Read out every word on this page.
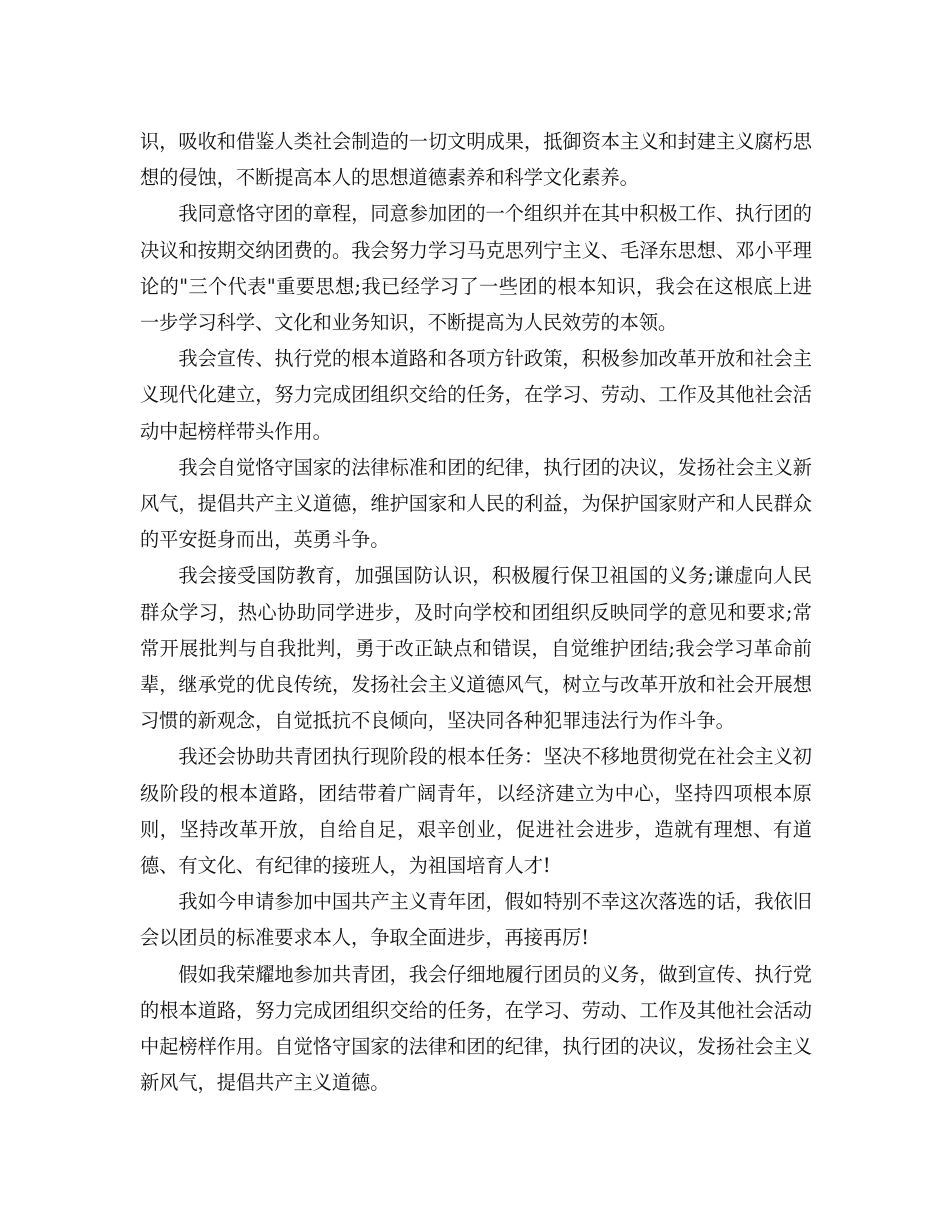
识，吸收和借鉴人类社会制造的一切文明成果，抵御资本主义和封建主义腐朽思想的侵蚀，不断提高本人的思想道德素养和科学文化素养。

我同意恪守团的章程，同意参加团的一个组织并在其中积极工作、执行团的决议和按期交纳团费的。我会努力学习马克思列宁主义、毛泽东思想、邓小平理论的"三个代表"重要思想;我已经学习了一些团的根本知识，我会在这根底上进一步学习科学、文化和业务知识，不断提高为人民效劳的本领。

我会宣传、执行党的根本道路和各项方针政策，积极参加改革开放和社会主义现代化建立，努力完成团组织交给的任务，在学习、劳动、工作及其他社会活动中起榜样带头作用。

我会自觉恪守国家的法律标准和团的纪律，执行团的决议，发扬社会主义新风气，提倡共产主义道德，维护国家和人民的利益，为保护国家财产和人民群众的平安挺身而出，英勇斗争。

我会接受国防教育，加强国防认识，积极履行保卫祖国的义务;谦虚向人民群众学习，热心协助同学进步，及时向学校和团组织反映同学的意见和要求;常常开展批判与自我批判，勇于改正缺点和错误，自觉维护团结;我会学习革命前辈，继承党的优良传统，发扬社会主义道德风气，树立与改革开放和社会开展想习惯的新观念，自觉抵抗不良倾向，坚决同各种犯罪违法行为作斗争。

我还会协助共青团执行现阶段的根本任务：坚决不移地贯彻党在社会主义初级阶段的根本道路，团结带着广阔青年，以经济建立为中心，坚持四项根本原则，坚持改革开放，自给自足，艰辛创业，促进社会进步，造就有理想、有道德、有文化、有纪律的接班人，为祖国培育人才!

我如今申请参加中国共产主义青年团，假如特别不幸这次落选的话，我依旧会以团员的标准要求本人，争取全面进步，再接再厉!

假如我荣耀地参加共青团，我会仔细地履行团员的义务，做到宣传、执行党的根本道路，努力完成团组织交给的任务，在学习、劳动、工作及其他社会活动中起榜样作用。自觉恪守国家的法律和团的纪律，执行团的决议，发扬社会主义新风气，提倡共产主义道德。
